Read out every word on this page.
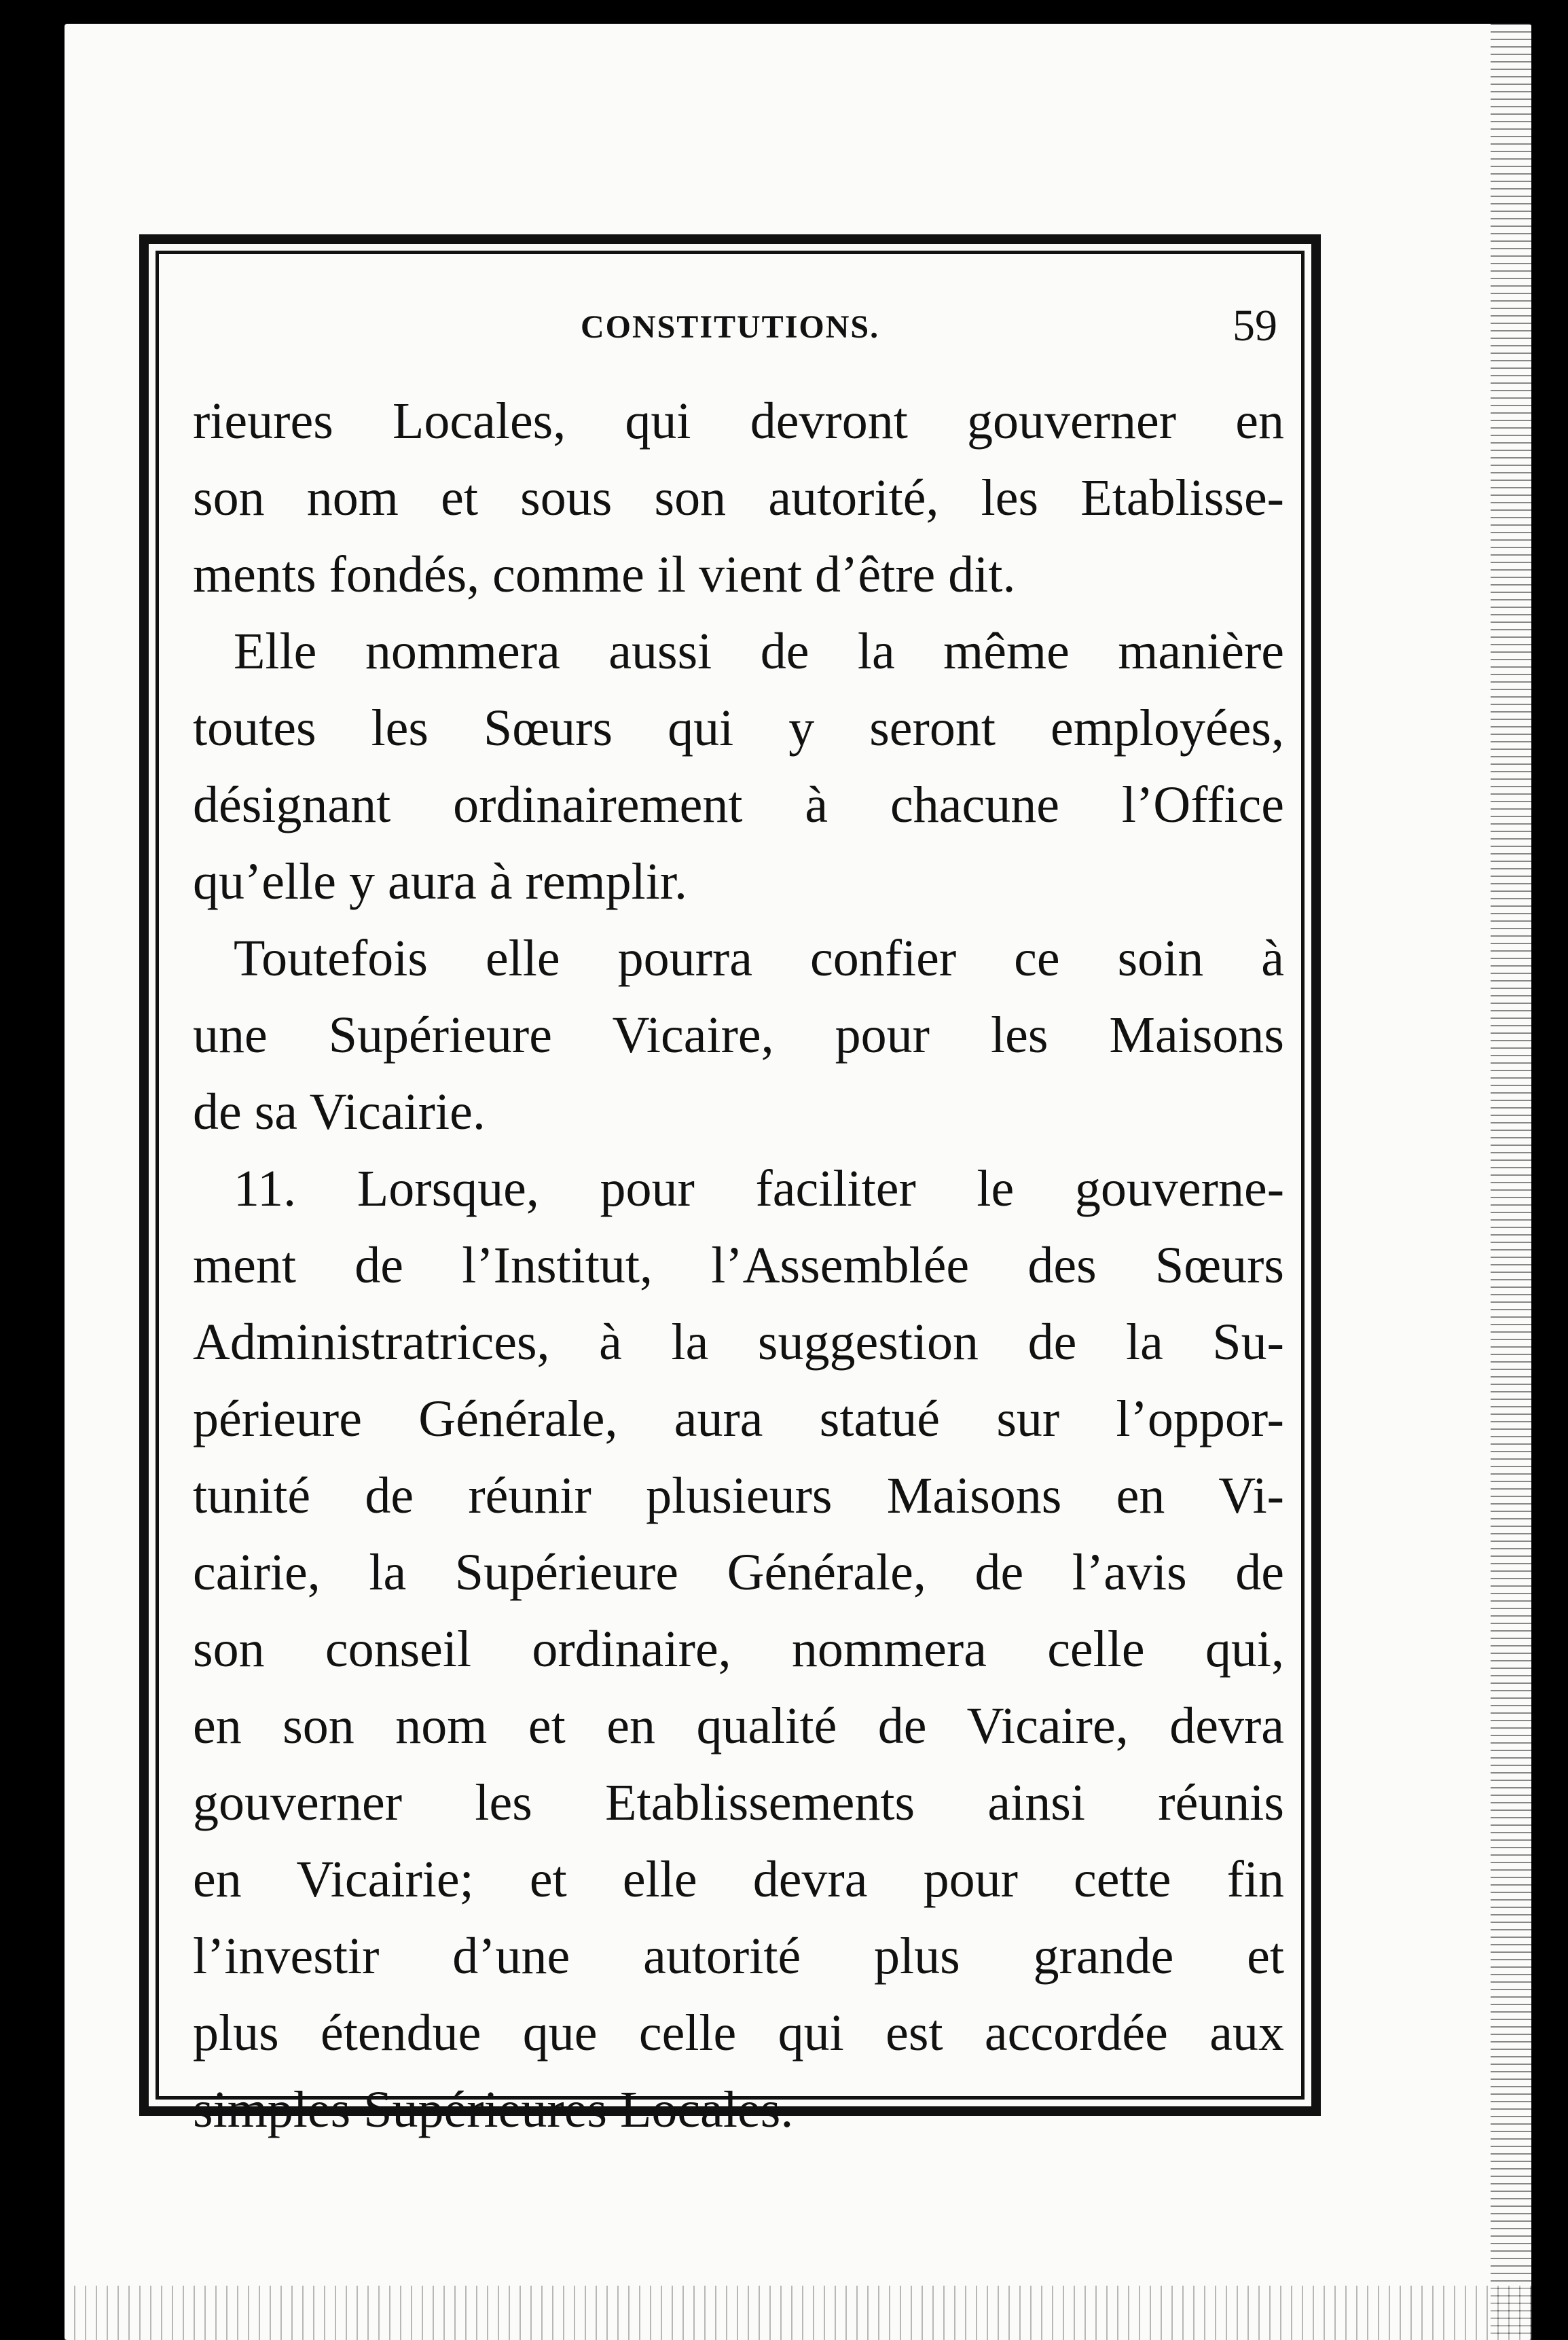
CONSTITUTIONS.	59

rieures Locales, qui devront gouverner en
son nom et sous son autorité, les Etablisse-
ments fondés, comme il vient d’être dit.

Elle nommera aussi de la même manière
toutes les Sœurs qui y seront employées,
désignant ordinairement à chacune l’Office
qu’elle y aura à remplir.

Toutefois elle pourra confier ce soin à
une Supérieure Vicaire, pour les Maisons
de sa Vicairie.

11. Lorsque, pour faciliter le gouverne-
ment de l’Institut, l’Assemblée des Sœurs
Administratrices, à la suggestion de la Su-
périeure Générale, aura statué sur l’oppor-
tunité de réunir plusieurs Maisons en Vi-
cairie, la Supérieure Générale, de l’avis de
son conseil ordinaire, nommera celle qui,
en son nom et en qualité de Vicaire, devra
gouverner les Etablissements ainsi réunis
en Vicairie; et elle devra pour cette fin
l’investir d’une autorité plus grande et
plus étendue que celle qui est accordée aux
simples Supérieures Locales.
